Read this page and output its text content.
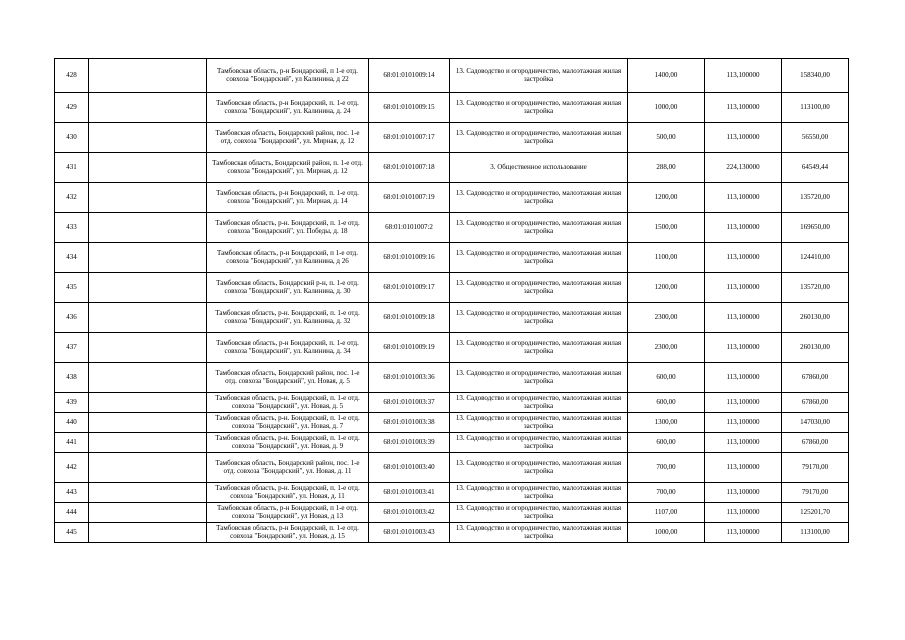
428		Тамбовская область, р-н Бондарский, п 1-е отд. совхоза "Бондарский", ул Калинина, д 22	68:01:0101009:14	13. Садоводство и огородничество, малоэтажная жилая застройка	1400,00	113,100000	158340,00
429		Тамбовская область, р-н Бондарский, п. 1-е отд. совхоза "Бондарский", ул. Калинина, д. 24	68:01:0101009:15	13. Садоводство и огородничество, малоэтажная жилая застройка	1000,00	113,100000	113100,00
430		Тамбовская область, Бондарский район, пос. 1-е отд. совхоза "Бондарский", ул. Мирная, д. 12	68:01:0101007:17	13. Садоводство и огородничество, малоэтажная жилая застройка	500,00	113,100000	56550,00
431		Тамбовская область, Бондарский район, п. 1-е отд. совхоза "Бондарский", ул. Мирная, д. 12	68:01:0101007:18	3. Общественное использование	288,00	224,130000	64549,44
432		Тамбовская область, р-н Бондарский, п. 1-е отд. совхоза "Бондарский", ул. Мирная, д. 14	68:01:0101007:19	13. Садоводство и огородничество, малоэтажная жилая застройка	1200,00	113,100000	135720,00
433		Тамбовская область, р-н. Бондарский, п. 1-е отд. совхоза "Бондарский", ул. Победы, д. 18	68:01:0101007:2	13. Садоводство и огородничество, малоэтажная жилая застройка	1500,00	113,100000	169650,00
434		Тамбовская область, р-н Бондарский, п 1-е отд. совхоза "Бондарский", ул Калинина, д 26	68:01:0101009:16	13. Садоводство и огородничество, малоэтажная жилая застройка	1100,00	113,100000	124410,00
435		Тамбовская область, Бондарский р-н, п. 1-е отд. совхоза "Бондарский", ул. Калинина, д. 30	68:01:0101009:17	13. Садоводство и огородничество, малоэтажная жилая застройка	1200,00	113,100000	135720,00
436		Тамбовская область, р-н. Бондарский, п. 1-е отд. совхоза "Бондарский", ул. Калинина, д. 32	68:01:0101009:18	13. Садоводство и огородничество, малоэтажная жилая застройка	2300,00	113,100000	260130,00
437		Тамбовская область, р-н Бондарский, п. 1-е отд. совхоза "Бондарский", ул. Калинина, д. 34	68:01:0101009:19	13. Садоводство и огородничество, малоэтажная жилая застройка	2300,00	113,100000	260130,00
438		Тамбовская область, Бондарский район, пос. 1-е отд. совхоза "Бондарский", ул. Новая, д. 5	68:01:0101003:36	13. Садоводство и огородничество, малоэтажная жилая застройка	600,00	113,100000	67860,00
439		Тамбовская область, р-н. Бондарский, п. 1-е отд. совхоза "Бондарский", ул. Новая, д. 5	68:01:0101003:37	13. Садоводство и огородничество, малоэтажная жилая застройка	600,00	113,100000	67860,00
440		Тамбовская область, р-н. Бондарский, п. 1-е отд. совхоза "Бондарский", ул. Новая, д. 7	68:01:0101003:38	13. Садоводство и огородничество, малоэтажная жилая застройка	1300,00	113,100000	147030,00
441		Тамбовская область, р-н. Бондарский, п. 1-е отд. совхоза "Бондарский", ул. Новая, д. 9	68:01:0101003:39	13. Садоводство и огородничество, малоэтажная жилая застройка	600,00	113,100000	67860,00
442		Тамбовская область, Бондарский район, пос. 1-е отд. совхоза "Бондарский", ул. Новая, д. 11	68:01:0101003:40	13. Садоводство и огородничество, малоэтажная жилая застройка	700,00	113,100000	79170,00
443		Тамбовская область, р-н. Бондарский, п. 1-е отд. совхоза "Бондарский", ул. Новая, д. 11	68:01:0101003:41	13. Садоводство и огородничество, малоэтажная жилая застройка	700,00	113,100000	79170,00
444		Тамбовская область, р-н Бондарский, п 1-е отд. совхоза "Бондарский", ул Новая, д 13	68:01:0101003:42	13. Садоводство и огородничество, малоэтажная жилая застройка	1107,00	113,100000	125201,70
445		Тамбовская область, р-н Бондарский, п. 1-е отд. совхоза "Бондарский", ул. Новая, д. 15	68:01:0101003:43	13. Садоводство и огородничество, малоэтажная жилая застройка	1000,00	113,100000	113100,00
